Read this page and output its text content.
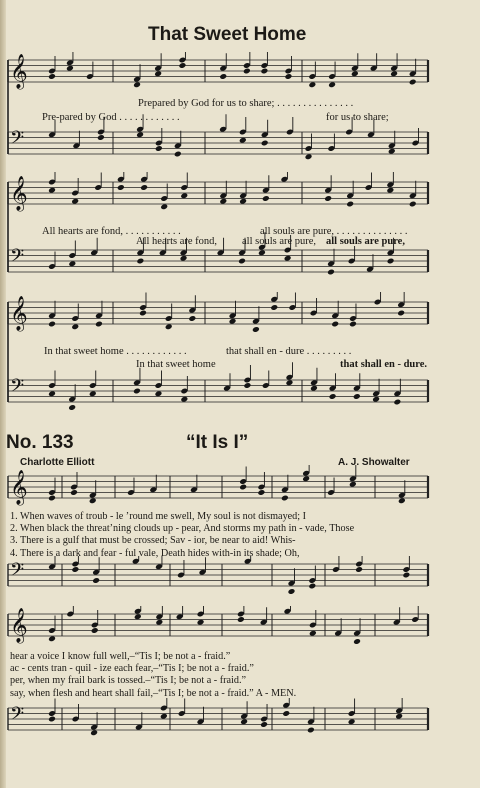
That Sweet Home
𝄞
𝄢
Prepared by God for us to share; . . . . . . . . . . . . . . .
Pre-pared by God . . . . . . . . . . . .	for us to share;
𝄞
𝄢
All hearts are fond, . . . . . . . . . . .	all souls are pure, . . . . . . . . . . . . . .
All hearts are fond, all souls are pure, all souls are pure,
𝄞
𝄢
In that sweet home . . . . . . . . . . . .	that shall en - dure . . . . . . . . .
In that sweet home	that shall en - dure.
No. 133	“It Is I”
Charlotte Elliott	A. J. Showalter
𝄞
1. When waves of troub - le ’round me swell, My soul is not dismayed; I
2. When black the threat’ning clouds up - pear, And storms my path in - vade, Those
3. There is a gulf that must be crossed; Sav - ior, be near to aid! Whis-
4. There is a dark and fear - ful vale, Death hides with-in its shade; Oh,
𝄢
𝄞
hear a voice I know full well,–“Tis I; be not a - fraid.”
ac - cents tran - quil - ize each fear,–“Tis I; be not a - fraid.”
per, when my frail bark is tossed.–“Tis I; be not a - fraid.”
say, when flesh and heart shall fail,–“Tis I; be not a - fraid.” A - MEN.
𝄢
